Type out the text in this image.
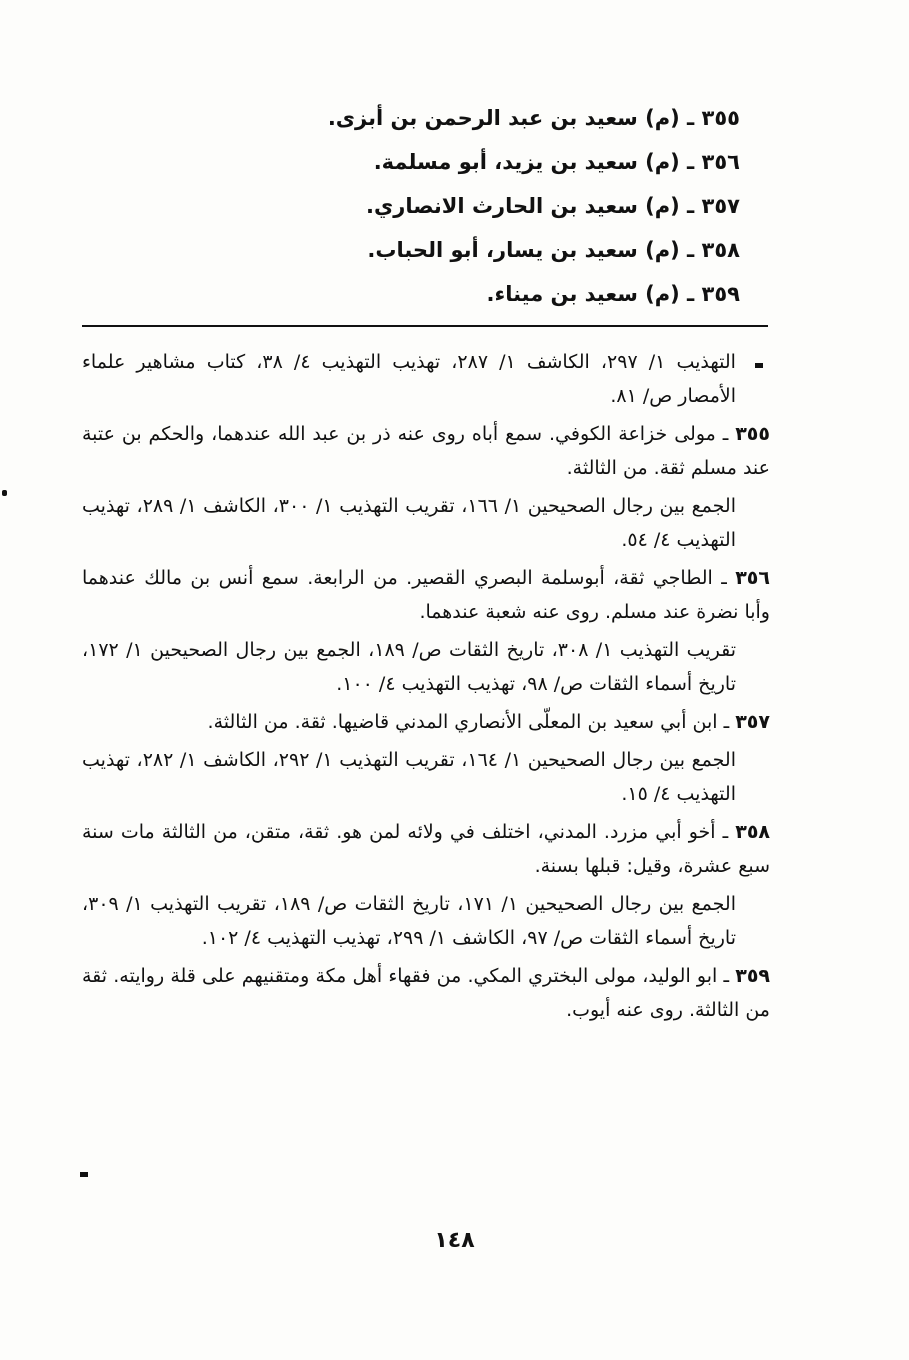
٣٥٥ ـ (م) سعيد بن عبد الرحمن بن أبزى.
٣٥٦ ـ (م) سعيد بن يزيد، أبو مسلمة.
٣٥٧ ـ (م) سعيد بن الحارث الانصاري.
٣٥٨ ـ (م) سعيد بن يسار، أبو الحباب.
٣٥٩ ـ (م) سعيد بن ميناء.

التهذيب ١/ ٢٩٧، الكاشف ١/ ٢٨٧، تهذيب التهذيب ٤/ ٣٨، كتاب مشاهير علماء الأمصار ص/ ٨١.

٣٥٥ ـ مولى خزاعة الكوفي. سمع أباه روى عنه ذر بن عبد الله عندهما، والحكم بن عتبة عند مسلم ثقة. من الثالثة.

الجمع بين رجال الصحيحين ١/ ١٦٦، تقريب التهذيب ١/ ٣٠٠، الكاشف ١/ ٢٨٩، تهذيب التهذيب ٤/ ٥٤.

٣٥٦ ـ الطاجي ثقة، أبوسلمة البصري القصير. من الرابعة. سمع أنس بن مالك عندهما وأبا نضرة عند مسلم. روى عنه شعبة عندهما.

تقريب التهذيب ١/ ٣٠٨، تاريخ الثقات ص/ ١٨٩، الجمع بين رجال الصحيحين ١/ ١٧٢، تاريخ أسماء الثقات ص/ ٩٨، تهذيب التهذيب ٤/ ١٠٠.

٣٥٧ ـ ابن أبي سعيد بن المعلّى الأنصاري المدني قاضيها. ثقة. من الثالثة.

الجمع بين رجال الصحيحين ١/ ١٦٤، تقريب التهذيب ١/ ٢٩٢، الكاشف ١/ ٢٨٢، تهذيب التهذيب ٤/ ١٥.

٣٥٨ ـ أخو أبي مزرد. المدني، اختلف في ولائه لمن هو. ثقة، متقن، من الثالثة مات سنة سبع عشرة، وقيل: قبلها بسنة.

الجمع بين رجال الصحيحين ١/ ١٧١، تاريخ الثقات ص/ ١٨٩، تقريب التهذيب ١/ ٣٠٩، تاريخ أسماء الثقات ص/ ٩٧، الكاشف ١/ ٢٩٩، تهذيب التهذيب ٤/ ١٠٢.

٣٥٩ ـ ابو الوليد، مولى البختري المكي. من فقهاء أهل مكة ومتقنيهم على قلة روايته. ثقة من الثالثة. روى عنه أيوب.

١٤٨
